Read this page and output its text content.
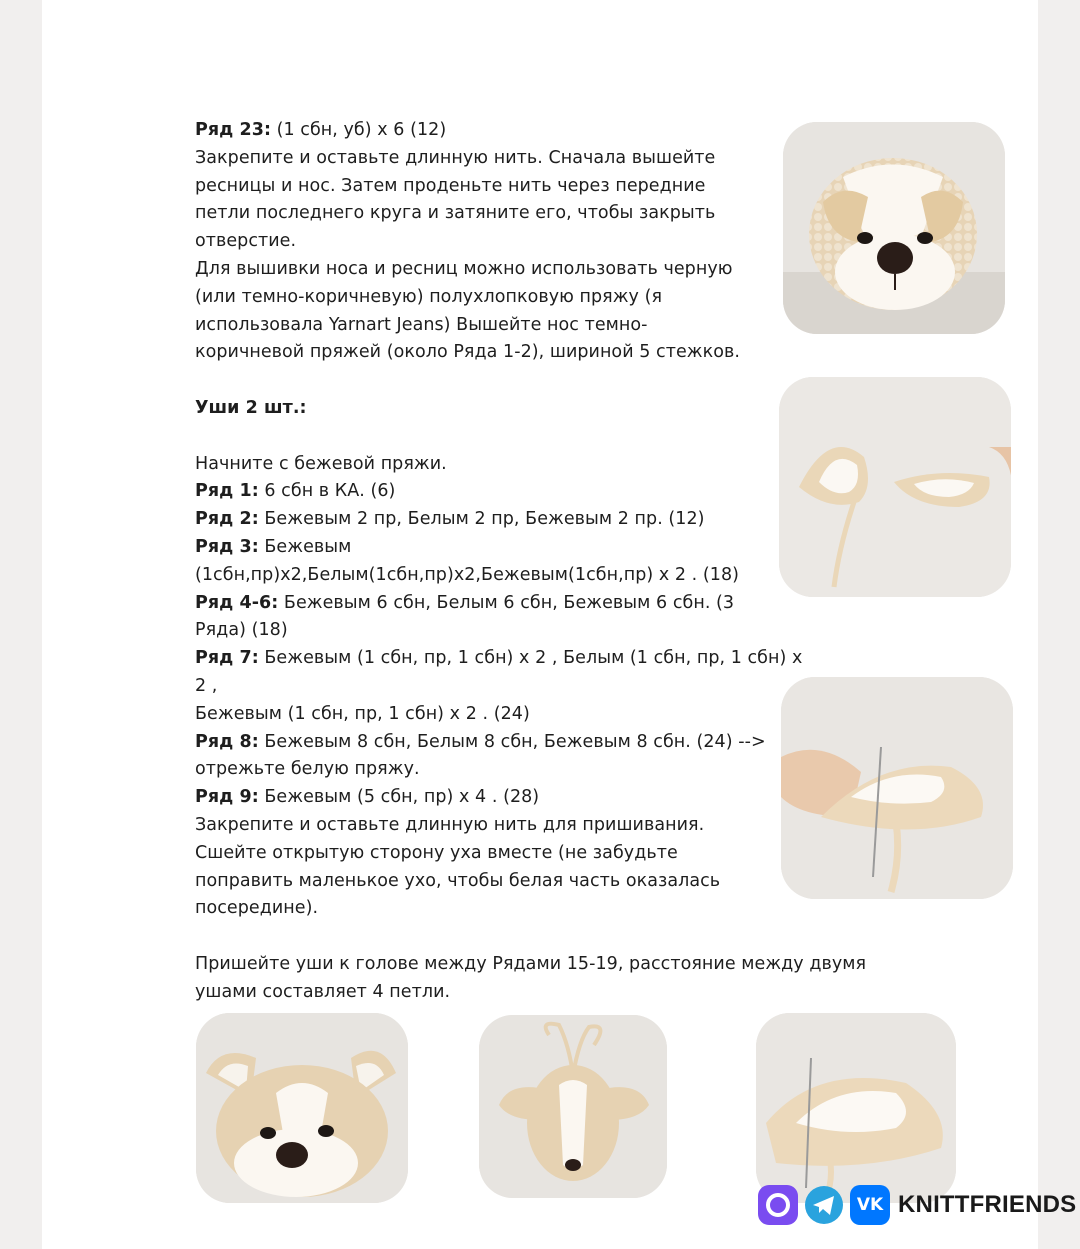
Ряд 23: (1 сбн, уб) х 6 (12)

Закрепите и оставьте длинную нить. Сначала вышейте

ресницы и нос. Затем проденьте нить через передние

петли последнего круга и затяните его, чтобы закрыть

отверстие.

Для вышивки носа и ресниц можно использовать черную

(или темно-коричневую) полухлопковую пряжу (я

использовала Yarnart Jeans) Вышейте нос темно-

коричневой пряжей (около Ряда 1-2), шириной 5 стежков.

Уши 2 шт.:

Начните с бежевой пряжи.

Ряд 1: 6 сбн в КА. (6)

Ряд 2: Бежевым 2 пр, Белым 2 пр, Бежевым 2 пр. (12)

Ряд 3: Бежевым

(1сбн,пр)х2,Белым(1сбн,пр)х2,Бежевым(1сбн,пр) х 2 . (18)

Ряд 4-6: Бежевым 6 сбн, Белым 6 сбн, Бежевым 6 сбн. (3

Ряда) (18)

Ряд 7: Бежевым (1 сбн, пр, 1 сбн) х 2 , Белым (1 сбн, пр, 1 сбн) х

2 ,

Бежевым (1 сбн, пр, 1 сбн) х 2 . (24)

Ряд 8: Бежевым 8 сбн, Белым 8 сбн, Бежевым 8 сбн. (24) -->

отрежьте белую пряжу.

Ряд 9: Бежевым (5 сбн, пр) х 4 . (28)

Закрепите и оставьте длинную нить для пришивания.

Сшейте открытую сторону уха вместе (не забудьте

поправить маленькое ухо, чтобы белая часть оказалась

посередине).

Пришейте уши к голове между Рядами 15-19, расстояние между двумя

ушами составляет 4 петли.

VK KNITTFRIENDS
